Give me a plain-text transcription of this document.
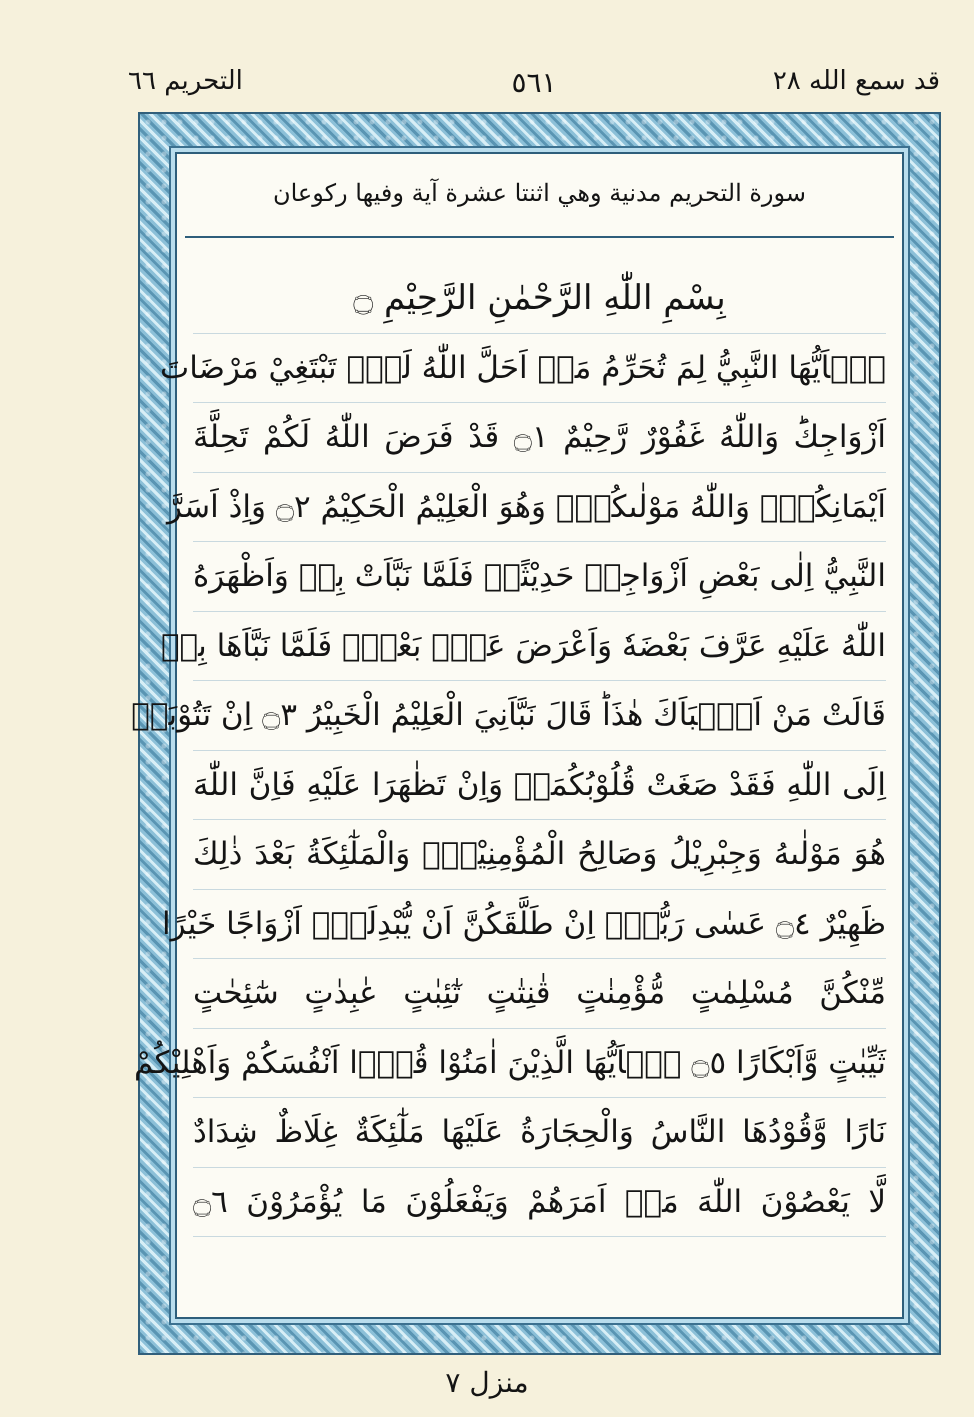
قد سمع الله ٢٨
٥٦١
التحريم ٦٦
سورة التحريم مدنية وهي اثنتا عشرة آية وفيها ركوعان
بِسْمِ اللّٰهِ الرَّحْمٰنِ الرَّحِيْمِ ۝
يٰۤاَيُّهَا النَّبِيُّ لِمَ تُحَرِّمُ مَاۤ اَحَلَّ اللّٰهُ لَكَۚ تَبْتَغِيْ مَرْضَاتَ
اَزْوَاجِكَؕ وَاللّٰهُ غَفُوْرٌ رَّحِيْمٌ ۝١ قَدْ فَرَضَ اللّٰهُ لَكُمْ تَحِلَّةَ
اَيْمَانِكُمْۚ وَاللّٰهُ مَوْلٰىكُمْۚ وَهُوَ الْعَلِيْمُ الْحَكِيْمُ ۝٢ وَاِذْ اَسَرَّ
النَّبِيُّ اِلٰى بَعْضِ اَزْوَاجِهٖ حَدِيْثًاۚ فَلَمَّا نَبَّاَتْ بِهٖ وَاَظْهَرَهُ
اللّٰهُ عَلَيْهِ عَرَّفَ بَعْضَهٗ وَاَعْرَضَ عَنْۢ بَعْضٍۚ فَلَمَّا نَبَّاَهَا بِهٖ
قَالَتْ مَنْ اَنْۢبَاَكَ هٰذَاؕ قَالَ نَبَّاَنِيَ الْعَلِيْمُ الْخَبِيْرُ ۝٣ اِنْ تَتُوْبَاۤ
اِلَى اللّٰهِ فَقَدْ صَغَتْ قُلُوْبُكُمَاۚ وَاِنْ تَظٰهَرَا عَلَيْهِ فَاِنَّ اللّٰهَ
هُوَ مَوْلٰىهُ وَجِبْرِيْلُ وَصَالِحُ الْمُؤْمِنِيْنَۚ وَالْمَلٰٓئِكَةُ بَعْدَ ذٰلِكَ
ظَهِيْرٌ ۝٤ عَسٰى رَبُّهٗۤ اِنْ طَلَّقَكُنَّ اَنْ يُّبْدِلَهٗۤ اَزْوَاجًا خَيْرًا
مِّنْكُنَّ مُسْلِمٰتٍ مُّؤْمِنٰتٍ قٰنِتٰتٍ تٰٓئِبٰتٍ عٰبِدٰتٍ سٰٓئِحٰتٍ
ثَيِّبٰتٍ وَّاَبْكَارًا ۝٥ يٰۤاَيُّهَا الَّذِيْنَ اٰمَنُوْا قُوْۤا اَنْفُسَكُمْ وَاَهْلِيْكُمْ
نَارًا وَّقُوْدُهَا النَّاسُ وَالْحِجَارَةُ عَلَيْهَا مَلٰٓئِكَةٌ غِلَاظٌ شِدَادٌ
لَّا يَعْصُوْنَ اللّٰهَ مَاۤ اَمَرَهُمْ وَيَفْعَلُوْنَ مَا يُؤْمَرُوْنَ ۝٦
منزل ٧
